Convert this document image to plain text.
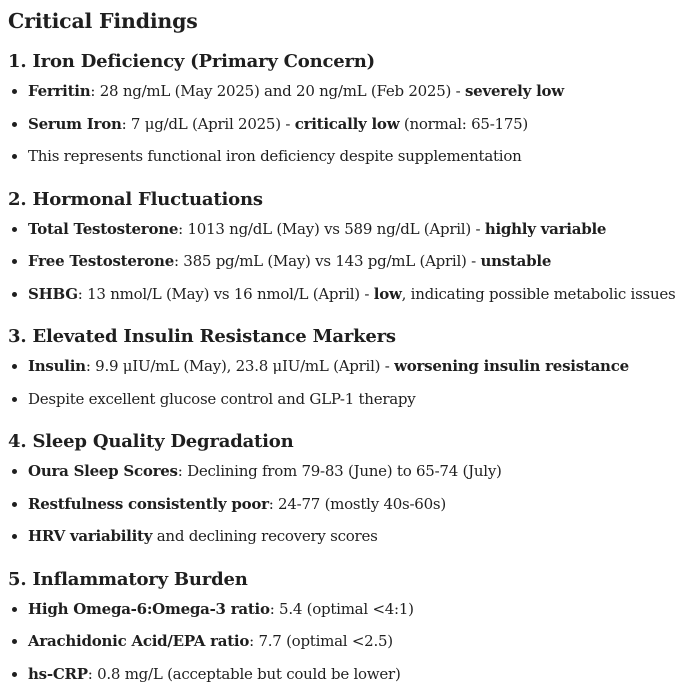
Critical Findings
1. Iron Deficiency (Primary Concern)
Ferritin: 28 ng/mL (May 2025) and 20 ng/mL (Feb 2025) - severely low
Serum Iron: 7 μg/dL (April 2025) - critically low (normal: 65-175)
This represents functional iron deficiency despite supplementation
2. Hormonal Fluctuations
Total Testosterone: 1013 ng/dL (May) vs 589 ng/dL (April) - highly variable
Free Testosterone: 385 pg/mL (May) vs 143 pg/mL (April) - unstable
SHBG: 13 nmol/L (May) vs 16 nmol/L (April) - low, indicating possible metabolic issues
3. Elevated Insulin Resistance Markers
Insulin: 9.9 μIU/mL (May), 23.8 μIU/mL (April) - worsening insulin resistance
Despite excellent glucose control and GLP-1 therapy
4. Sleep Quality Degradation
Oura Sleep Scores: Declining from 79-83 (June) to 65-74 (July)
Restfulness consistently poor: 24-77 (mostly 40s-60s)
HRV variability and declining recovery scores
5. Inflammatory Burden
High Omega-6:Omega-3 ratio: 5.4 (optimal <4:1)
Arachidonic Acid/EPA ratio: 7.7 (optimal <2.5)
hs-CRP: 0.8 mg/L (acceptable but could be lower)
